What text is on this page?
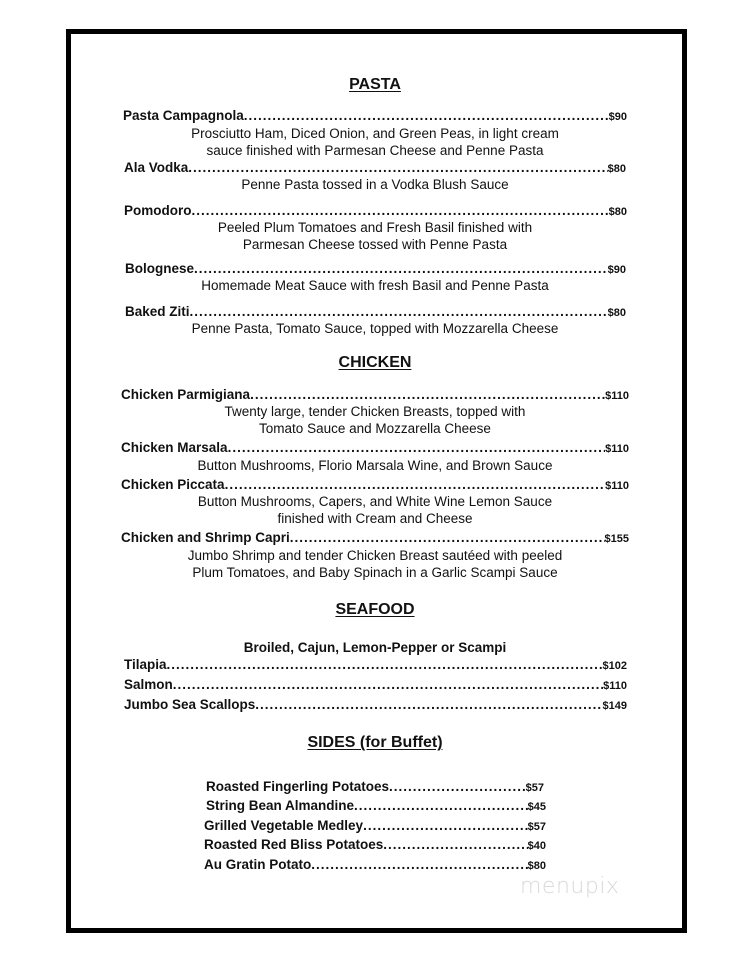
PASTA
Pasta Campagnola .....	$90
Prosciutto Ham, Diced Onion, and Green Peas, in light cream
sauce finished with Parmesan Cheese and Penne Pasta
Ala Vodka .....	$80
Penne Pasta tossed in a Vodka Blush Sauce
Pomodoro .....	$80
Peeled Plum Tomatoes and Fresh Basil finished with
Parmesan Cheese tossed with Penne Pasta
Bolognese .....	$90
Homemade Meat Sauce with fresh Basil and Penne Pasta
Baked Ziti .....	$80
Penne Pasta, Tomato Sauce, topped with Mozzarella Cheese
CHICKEN
Chicken Parmigiana .....	$110
Twenty large, tender Chicken Breasts, topped with
Tomato Sauce and Mozzarella Cheese
Chicken Marsala .....	$110
Button Mushrooms, Florio Marsala Wine, and Brown Sauce
Chicken Piccata .....	$110
Button Mushrooms, Capers, and White Wine Lemon Sauce
finished with Cream and Cheese
Chicken and Shrimp Capri .....	$155
Jumbo Shrimp and tender Chicken Breast sautéed with peeled
Plum Tomatoes, and Baby Spinach in a Garlic Scampi Sauce
SEAFOOD
Broiled, Cajun, Lemon-Pepper or Scampi
Tilapia .....	$102
Salmon .....	$110
Jumbo Sea Scallops .....	$149
SIDES (for Buffet)
Roasted Fingerling Potatoes .....	$57
String Bean Almandine .....	$45
Grilled Vegetable Medley .....	$57
Roasted Red Bliss Potatoes .....	$40
Au Gratin Potato .....	$80
menupix
